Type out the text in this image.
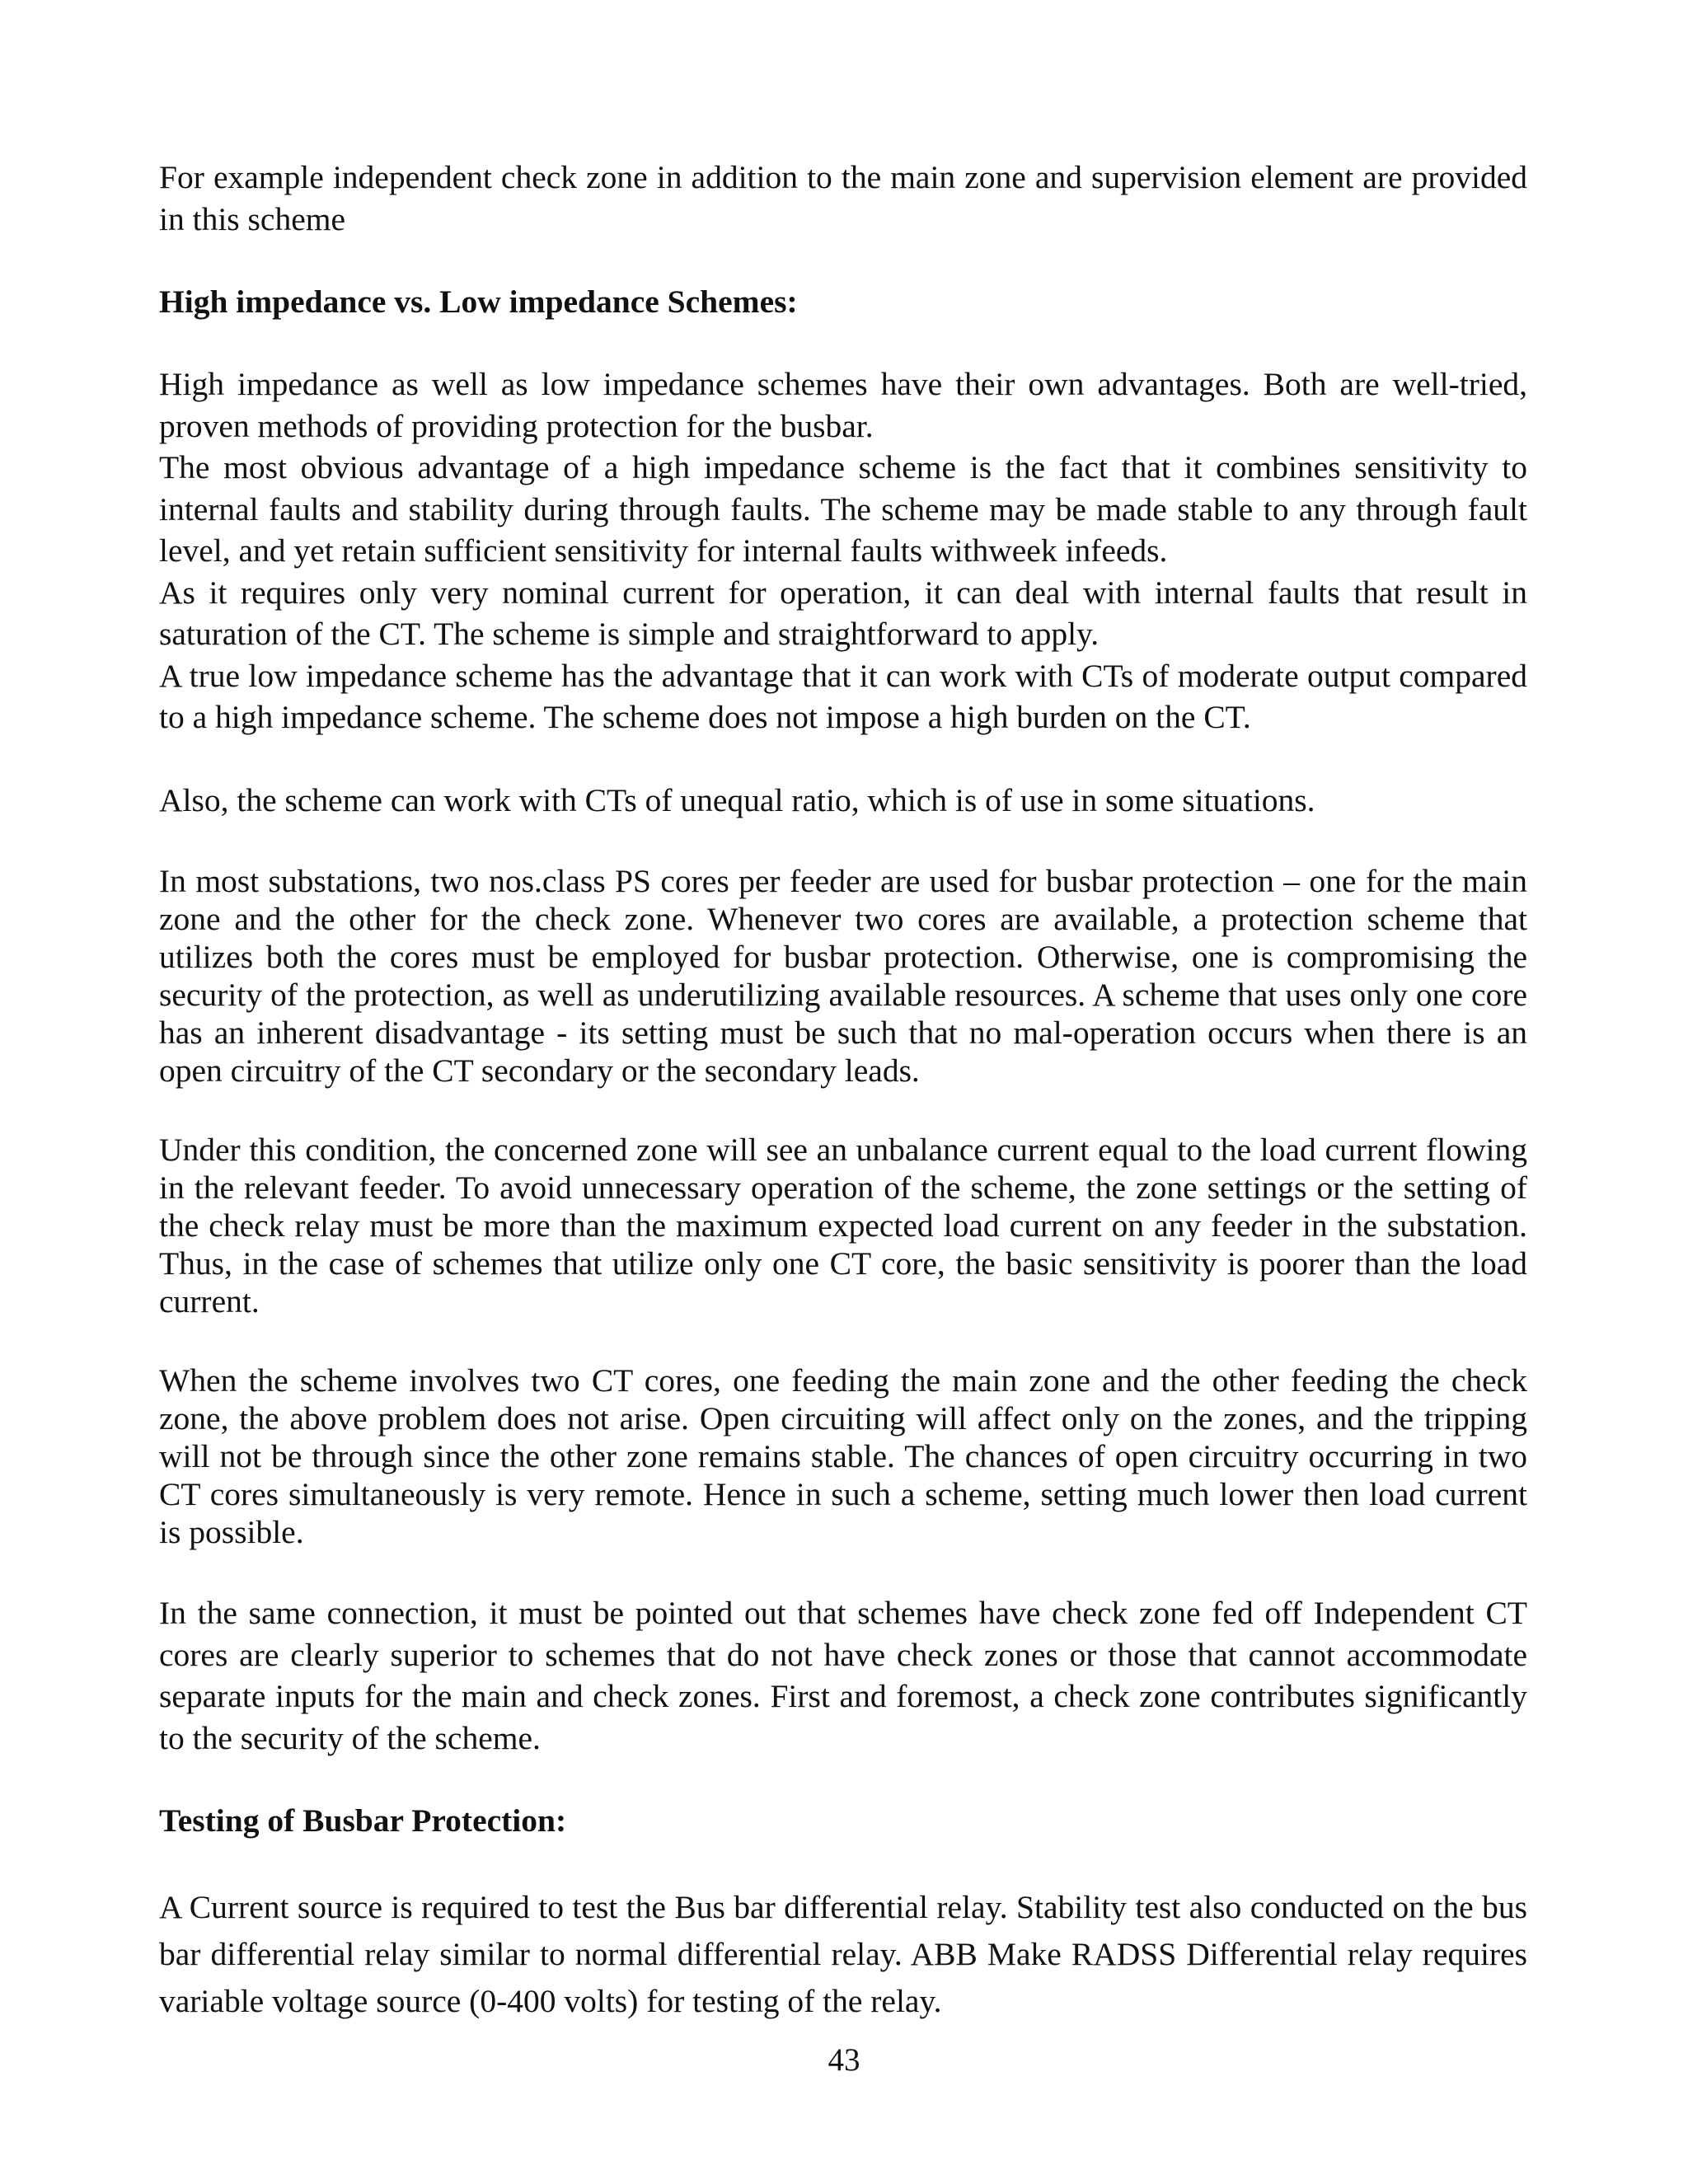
For example independent check zone in addition to the main zone and supervision element are provided in this scheme

High impedance vs. Low impedance Schemes:

High impedance as well as low impedance schemes have their own advantages. Both are well-tried, proven methods of providing protection for the busbar.

The most obvious advantage of a high impedance scheme is the fact that it combines sensitivity to internal faults and stability during through faults. The scheme may be made stable to any through fault level, and yet retain sufficient sensitivity for internal faults withweek infeeds.

As it requires only very nominal current for operation, it can deal with internal faults that result in saturation of the CT. The scheme is simple and straightforward to apply.

A true low impedance scheme has the advantage that it can work with CTs of moderate output compared to a high impedance scheme. The scheme does not impose a high burden on the CT.

Also, the scheme can work with CTs of unequal ratio, which is of use in some situations.

In most substations, two nos.class PS cores per feeder are used for busbar protection – one for the main zone and the other for the check zone. Whenever two cores are available, a protection scheme that utilizes both the cores must be employed for busbar protection. Otherwise, one is compromising the security of the protection, as well as underutilizing available resources. A scheme that uses only one core has an inherent disadvantage - its setting must be such that no mal-operation occurs when there is an open circuitry of the CT secondary or the secondary leads.

Under this condition, the concerned zone will see an unbalance current equal to the load current flowing in the relevant feeder. To avoid unnecessary operation of the scheme, the zone settings or the setting of the check relay must be more than the maximum expected load current on any feeder in the substation. Thus, in the case of schemes that utilize only one CT core, the basic sensitivity is poorer than the load current.

When the scheme involves two CT cores, one feeding the main zone and the other feeding the check zone, the above problem does not arise. Open circuiting will affect only on the zones, and the tripping will not be through since the other zone remains stable. The chances of open circuitry occurring in two CT cores simultaneously is very remote. Hence in such a scheme, setting much lower then load current is possible.

In the same connection, it must be pointed out that schemes have check zone fed off Independent CT cores are clearly superior to schemes that do not have check zones or those that cannot accommodate separate inputs for the main and check zones. First and foremost, a check zone contributes significantly to the security of the scheme.

Testing of Busbar Protection:

A Current source is required to test the Bus bar differential relay. Stability test also conducted on the bus bar differential relay similar to normal differential relay. ABB Make RADSS Differential relay requires variable voltage source (0-400 volts) for testing of the relay.

43
